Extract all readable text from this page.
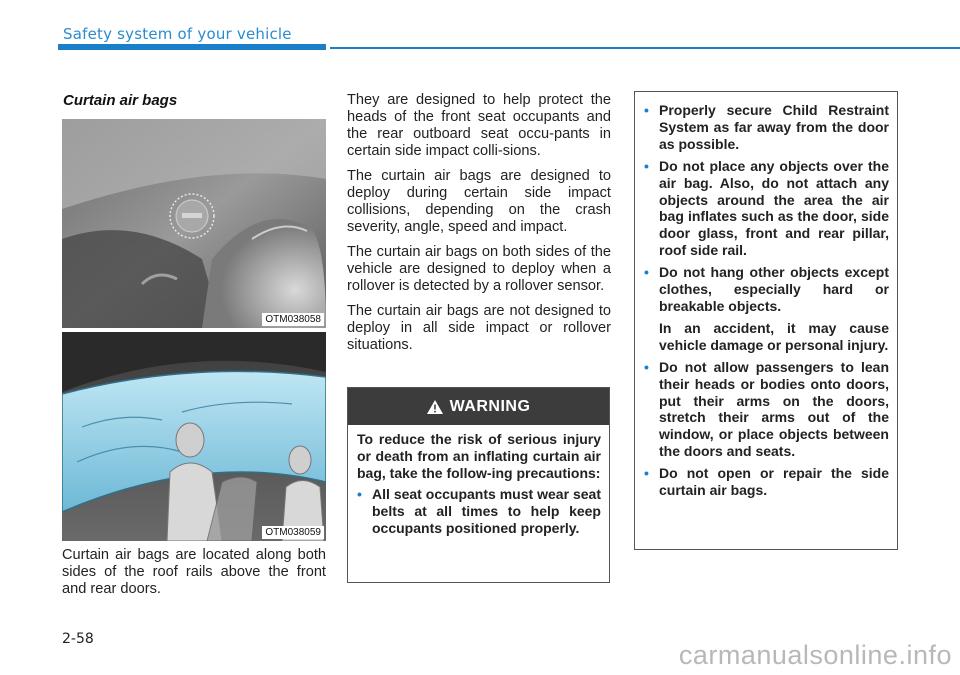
Safety system of your vehicle
Curtain air bags
OTM038058
OTM038059

Curtain air bags are located along both sides of the roof rails above the front and rear doors.

They are designed to help protect the heads of the front seat occupants and the rear outboard seat occu-pants in certain side impact colli-sions.

The curtain air bags are designed to deploy during certain side impact collisions, depending on the crash severity, angle, speed and impact.

The curtain air bags on both sides of the vehicle are designed to deploy when a rollover is detected by a rollover sensor.

The curtain air bags are not designed to deploy in all side impact or rollover situations.

WARNING

To reduce the risk of serious injury or death from an inflating curtain air bag, take the follow-ing precautions:

• All seat occupants must wear seat belts at all times to help keep occupants positioned properly.
• Properly secure Child Restraint System as far away from the door as possible.
• Do not place any objects over the air bag. Also, do not attach any objects around the area the air bag inflates such as the door, side door glass, front and rear pillar, roof side rail.
• Do not hang other objects except clothes, especially hard or breakable objects.
In an accident, it may cause vehicle damage or personal injury.
• Do not allow passengers to lean their heads or bodies onto doors, put their arms on the doors, stretch their arms out of the window, or place objects between the doors and seats.
• Do not open or repair the side curtain air bags.
2-58
carmanualsonline.info
